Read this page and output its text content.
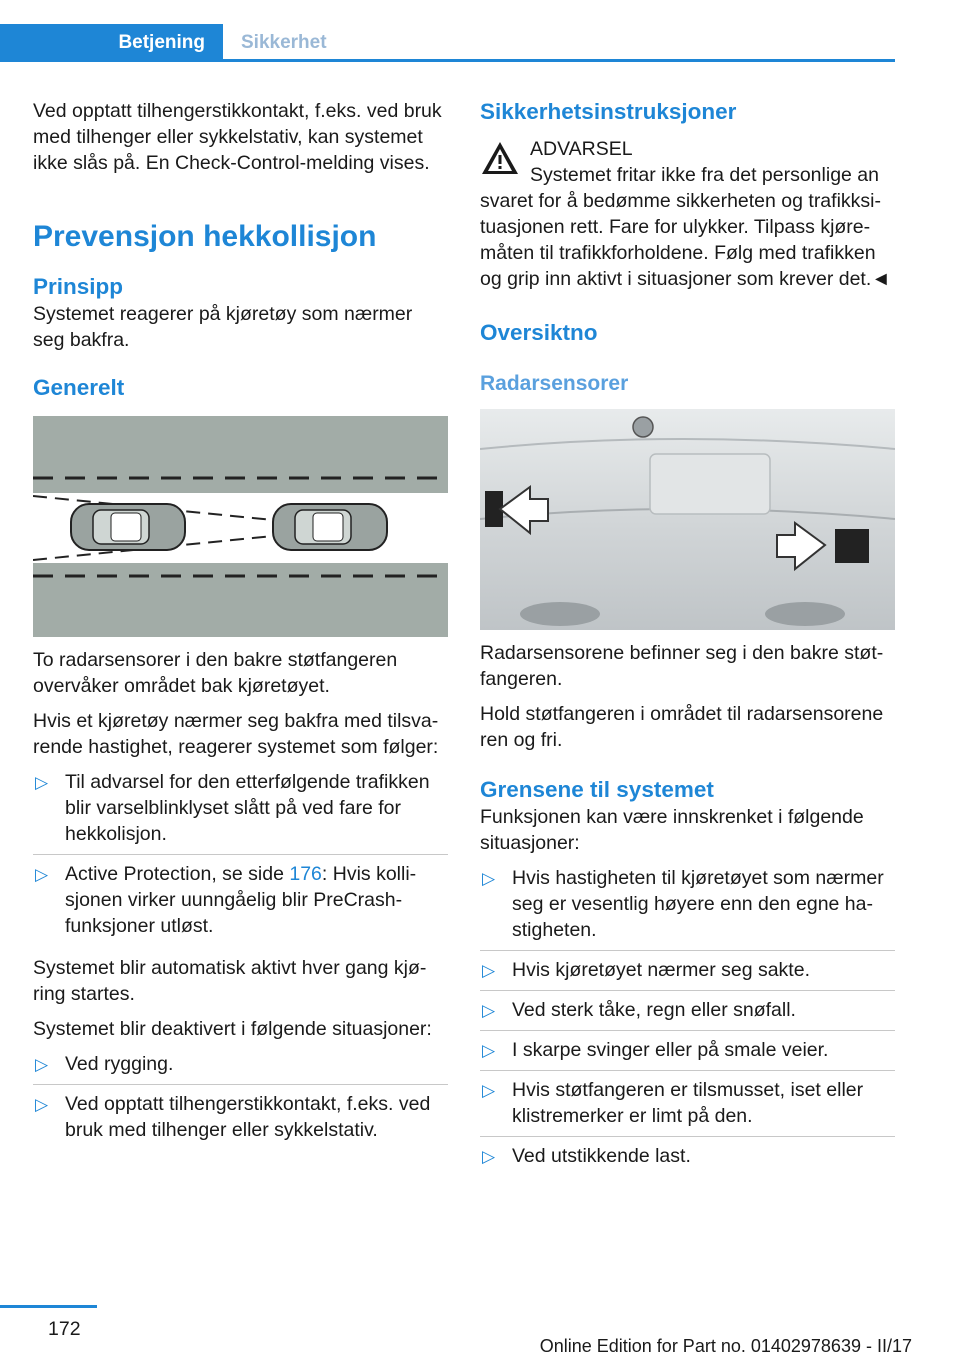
Betjening	Sikkerhet

Ved opptatt tilhengerstikkontakt, f.eks. ved bruk med tilhenger eller sykkelstativ, kan systemet ikke slås på. En Check-Control-melding vises.

Prevensjon hekkollisjon
Prinsipp

Systemet reagerer på kjøretøy som nærmer seg bakfra.

Generelt

To radarsensorer i den bakre støtfangeren overvåker området bak kjøretøyet.

Hvis et kjøretøy nærmer seg bakfra med tilsvarende hastighet, reagerer systemet som følger:

▷ Til advarsel for den etterfølgende trafikken blir varselblinklyset slått på ved fare for hekkolisjon.
▷ Active Protection, se side 176: Hvis kollisjonen virker uunngåelig blir PreCrash-funksjoner utløst.

Systemet blir automatisk aktivt hver gang kjøring startes.

Systemet blir deaktivert i følgende situasjoner:

▷ Ved rygging.
▷ Ved opptatt tilhengerstikkontakt, f.eks. ved bruk med tilhenger eller sykkelstativ.
Sikkerhetsinstruksjoner

ADVARSEL

Systemet fritar ikke fra det personlige an

svaret for å bedømme sikkerheten og trafikksituasjonen rett. Fare for ulykker. Tilpass kjøremåten til trafikkforholdene. Følg med trafikken og grip inn aktivt i situasjoner som krever det.◄

Oversiktno
Radarsensorer

Radarsensorene befinner seg i den bakre støtfangeren.

Hold støtfangeren i området til radarsensorene ren og fri.

Grensene til systemet

Funksjonen kan være innskrenket i følgende situasjoner:

▷ Hvis hastigheten til kjøretøyet som nærmer seg er vesentlig høyere enn den egne hastigheten.
▷ Hvis kjøretøyet nærmer seg sakte.
▷ Ved sterk tåke, regn eller snøfall.
▷ I skarpe svinger eller på smale veier.
▷ Hvis støtfangeren er tilsmusset, iset eller klistremerker er limt på den.
▷ Ved utstikkende last.
172
Online Edition for Part no. 01402978639 - II/17
